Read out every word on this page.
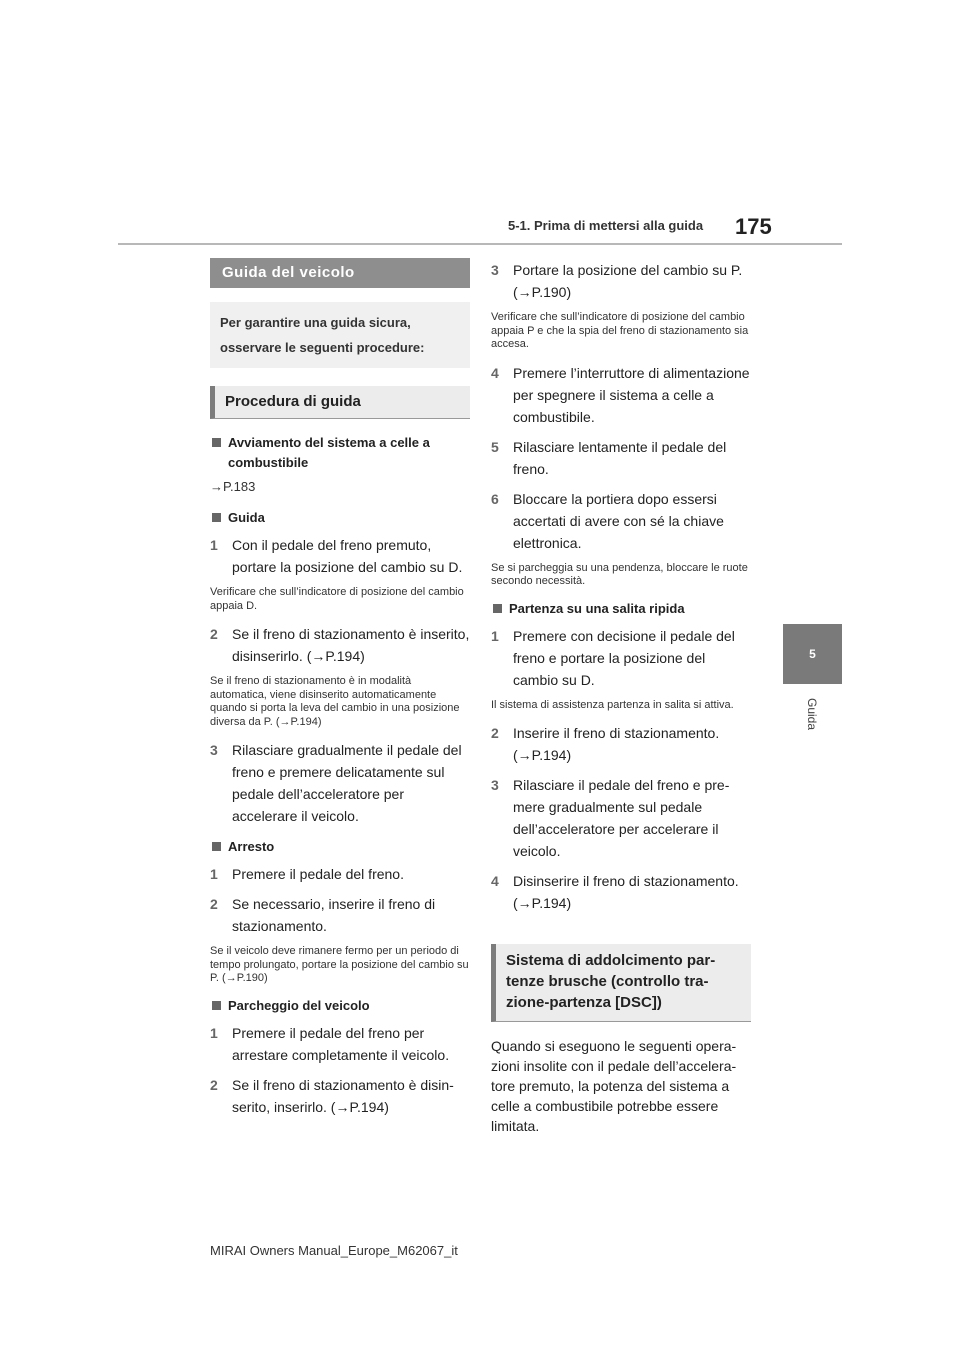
5-1. Prima di mettersi alla guida 175
5
Guida
Guida del veicolo
Per garantire una guida sicura, osservare le seguenti procedure:
Procedura di guida
Avviamento del sistema a celle a combustibile
→P.183
Guida
1 Con il pedale del freno premuto, portare la posizione del cambio su D.
Verificare che sull’indicatore di posizione del cambio appaia D.
2 Se il freno di stazionamento è inserito, disinserirlo. (→P.194)
Se il freno di stazionamento è in modalità automatica, viene disinserito automaticamente quando si porta la leva del cambio in una posizione diversa da P. (→P.194)
3 Rilasciare gradualmente il pedale del freno e premere delicatamente sul pedale dell’acceleratore per accelerare il veicolo.
Arresto
1 Premere il pedale del freno.
2 Se necessario, inserire il freno di stazionamento.
Se il veicolo deve rimanere fermo per un periodo di tempo prolungato, portare la posizione del cambio su P. (→P.190)
Parcheggio del veicolo
1 Premere il pedale del freno per arrestare completamente il veicolo.
2 Se il freno di stazionamento è disinserito, inserirlo. (→P.194)
3 Portare la posizione del cambio su P. (→P.190)
Verificare che sull’indicatore di posizione del cambio appaia P e che la spia del freno di stazionamento sia accesa.
4 Premere l’interruttore di alimentazione per spegnere il sistema a celle a combustibile.
5 Rilasciare lentamente il pedale del freno.
6 Bloccare la portiera dopo essersi accertati di avere con sé la chiave elettronica.
Se si parcheggia su una pendenza, bloccare le ruote secondo necessità.
Partenza su una salita ripida
1 Premere con decisione il pedale del freno e portare la posizione del cambio su D.
Il sistema di assistenza partenza in salita si attiva.
2 Inserire il freno di stazionamento. (→P.194)
3 Rilasciare il pedale del freno e premere gradualmente sul pedale dell’acceleratore per accelerare il veicolo.
4 Disinserire il freno di stazionamento. (→P.194)
Sistema di addolcimento partenze brusche (controllo trazione-partenza [DSC])
Quando si eseguono le seguenti operazioni insolite con il pedale dell’acceleratore premuto, la potenza del sistema a celle a combustibile potrebbe essere limitata.
MIRAI Owners Manual_Europe_M62067_it
